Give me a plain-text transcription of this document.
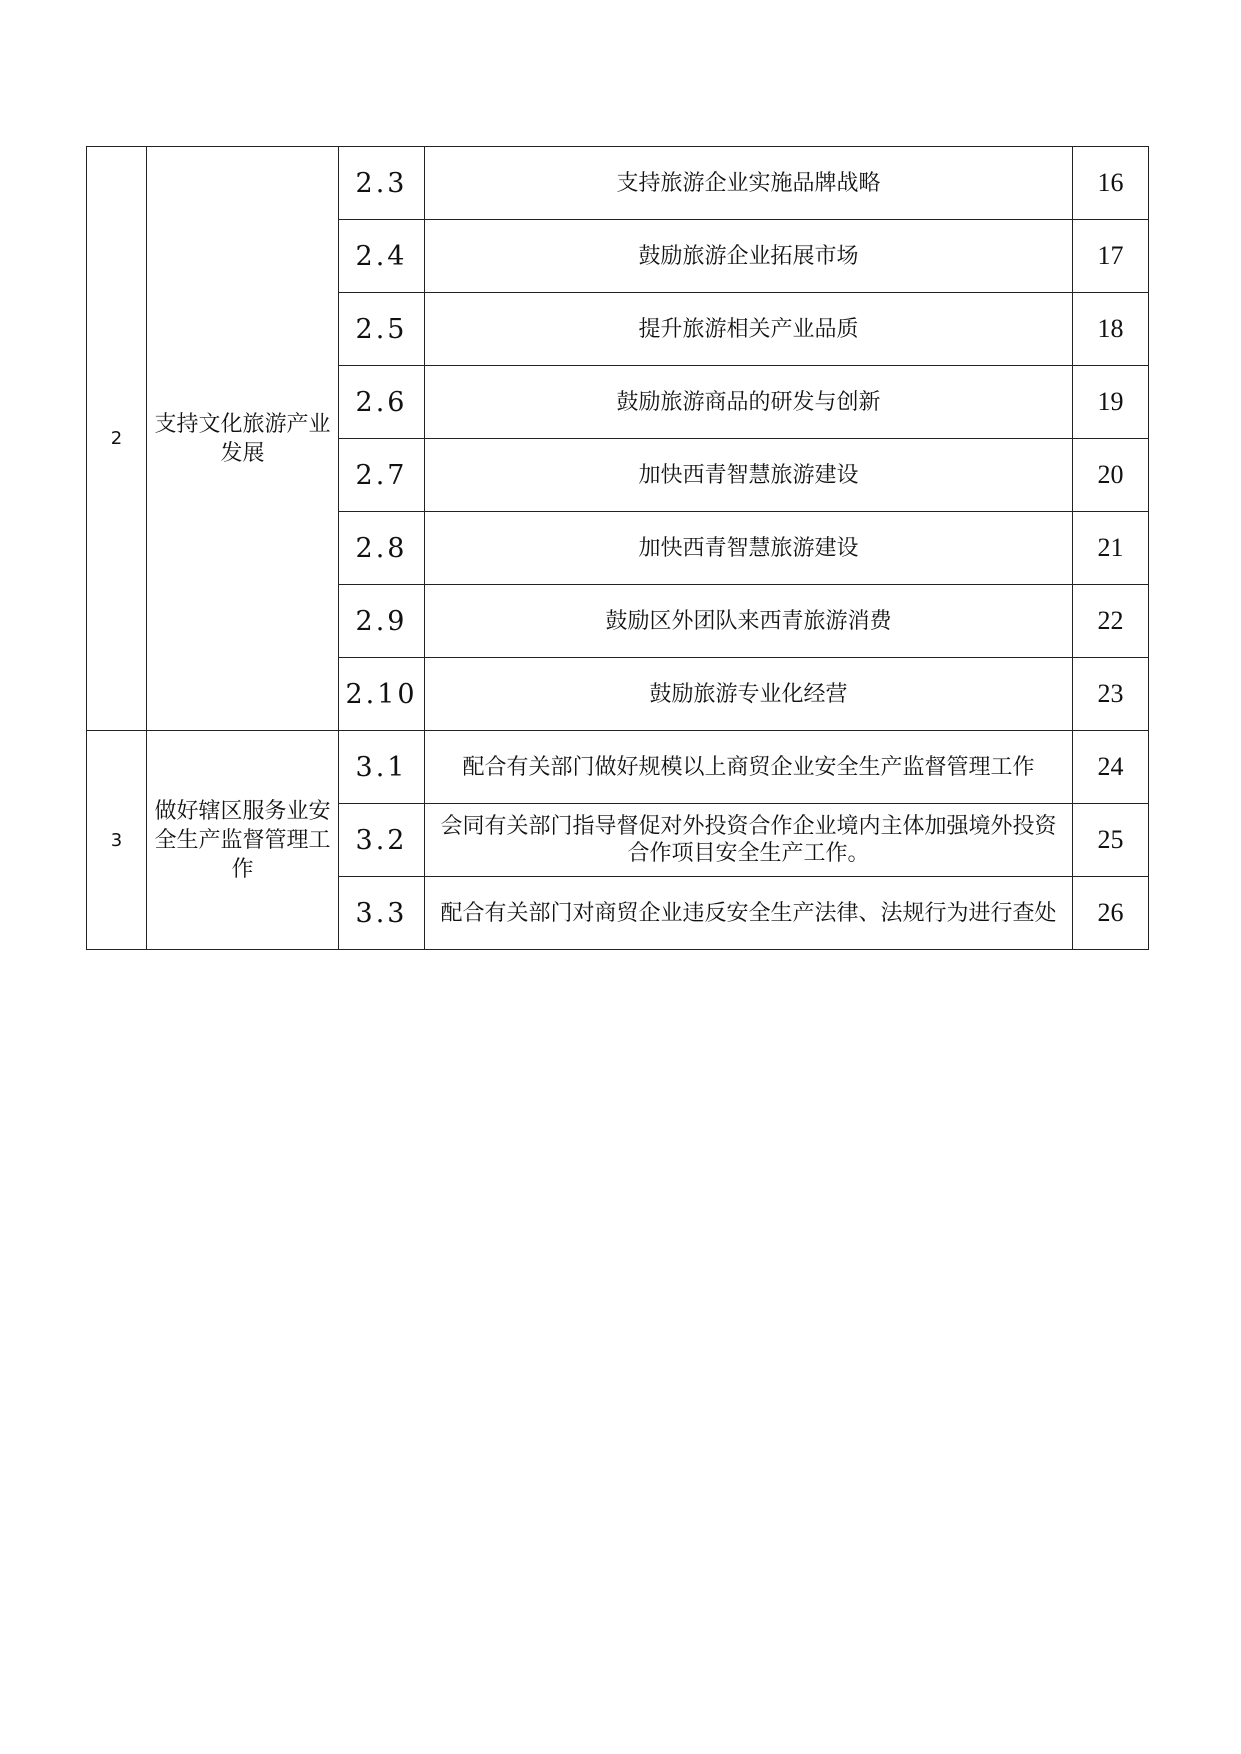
2	支持文化旅游产业发展	2.3	支持旅游企业实施品牌战略	16
		2.4	鼓励旅游企业拓展市场	17
		2.5	提升旅游相关产业品质	18
		2.6	鼓励旅游商品的研发与创新	19
		2.7	加快西青智慧旅游建设	20
		2.8	加快西青智慧旅游建设	21
		2.9	鼓励区外团队来西青旅游消费	22
		2.10	鼓励旅游专业化经营	23
3	做好辖区服务业安全生产监督管理工作	3.1	配合有关部门做好规模以上商贸企业安全生产监督管理工作	24
		3.2	会同有关部门指导督促对外投资合作企业境内主体加强境外投资合作项目安全生产工作。	25
		3.3	配合有关部门对商贸企业违反安全生产法律、法规行为进行查处	26
